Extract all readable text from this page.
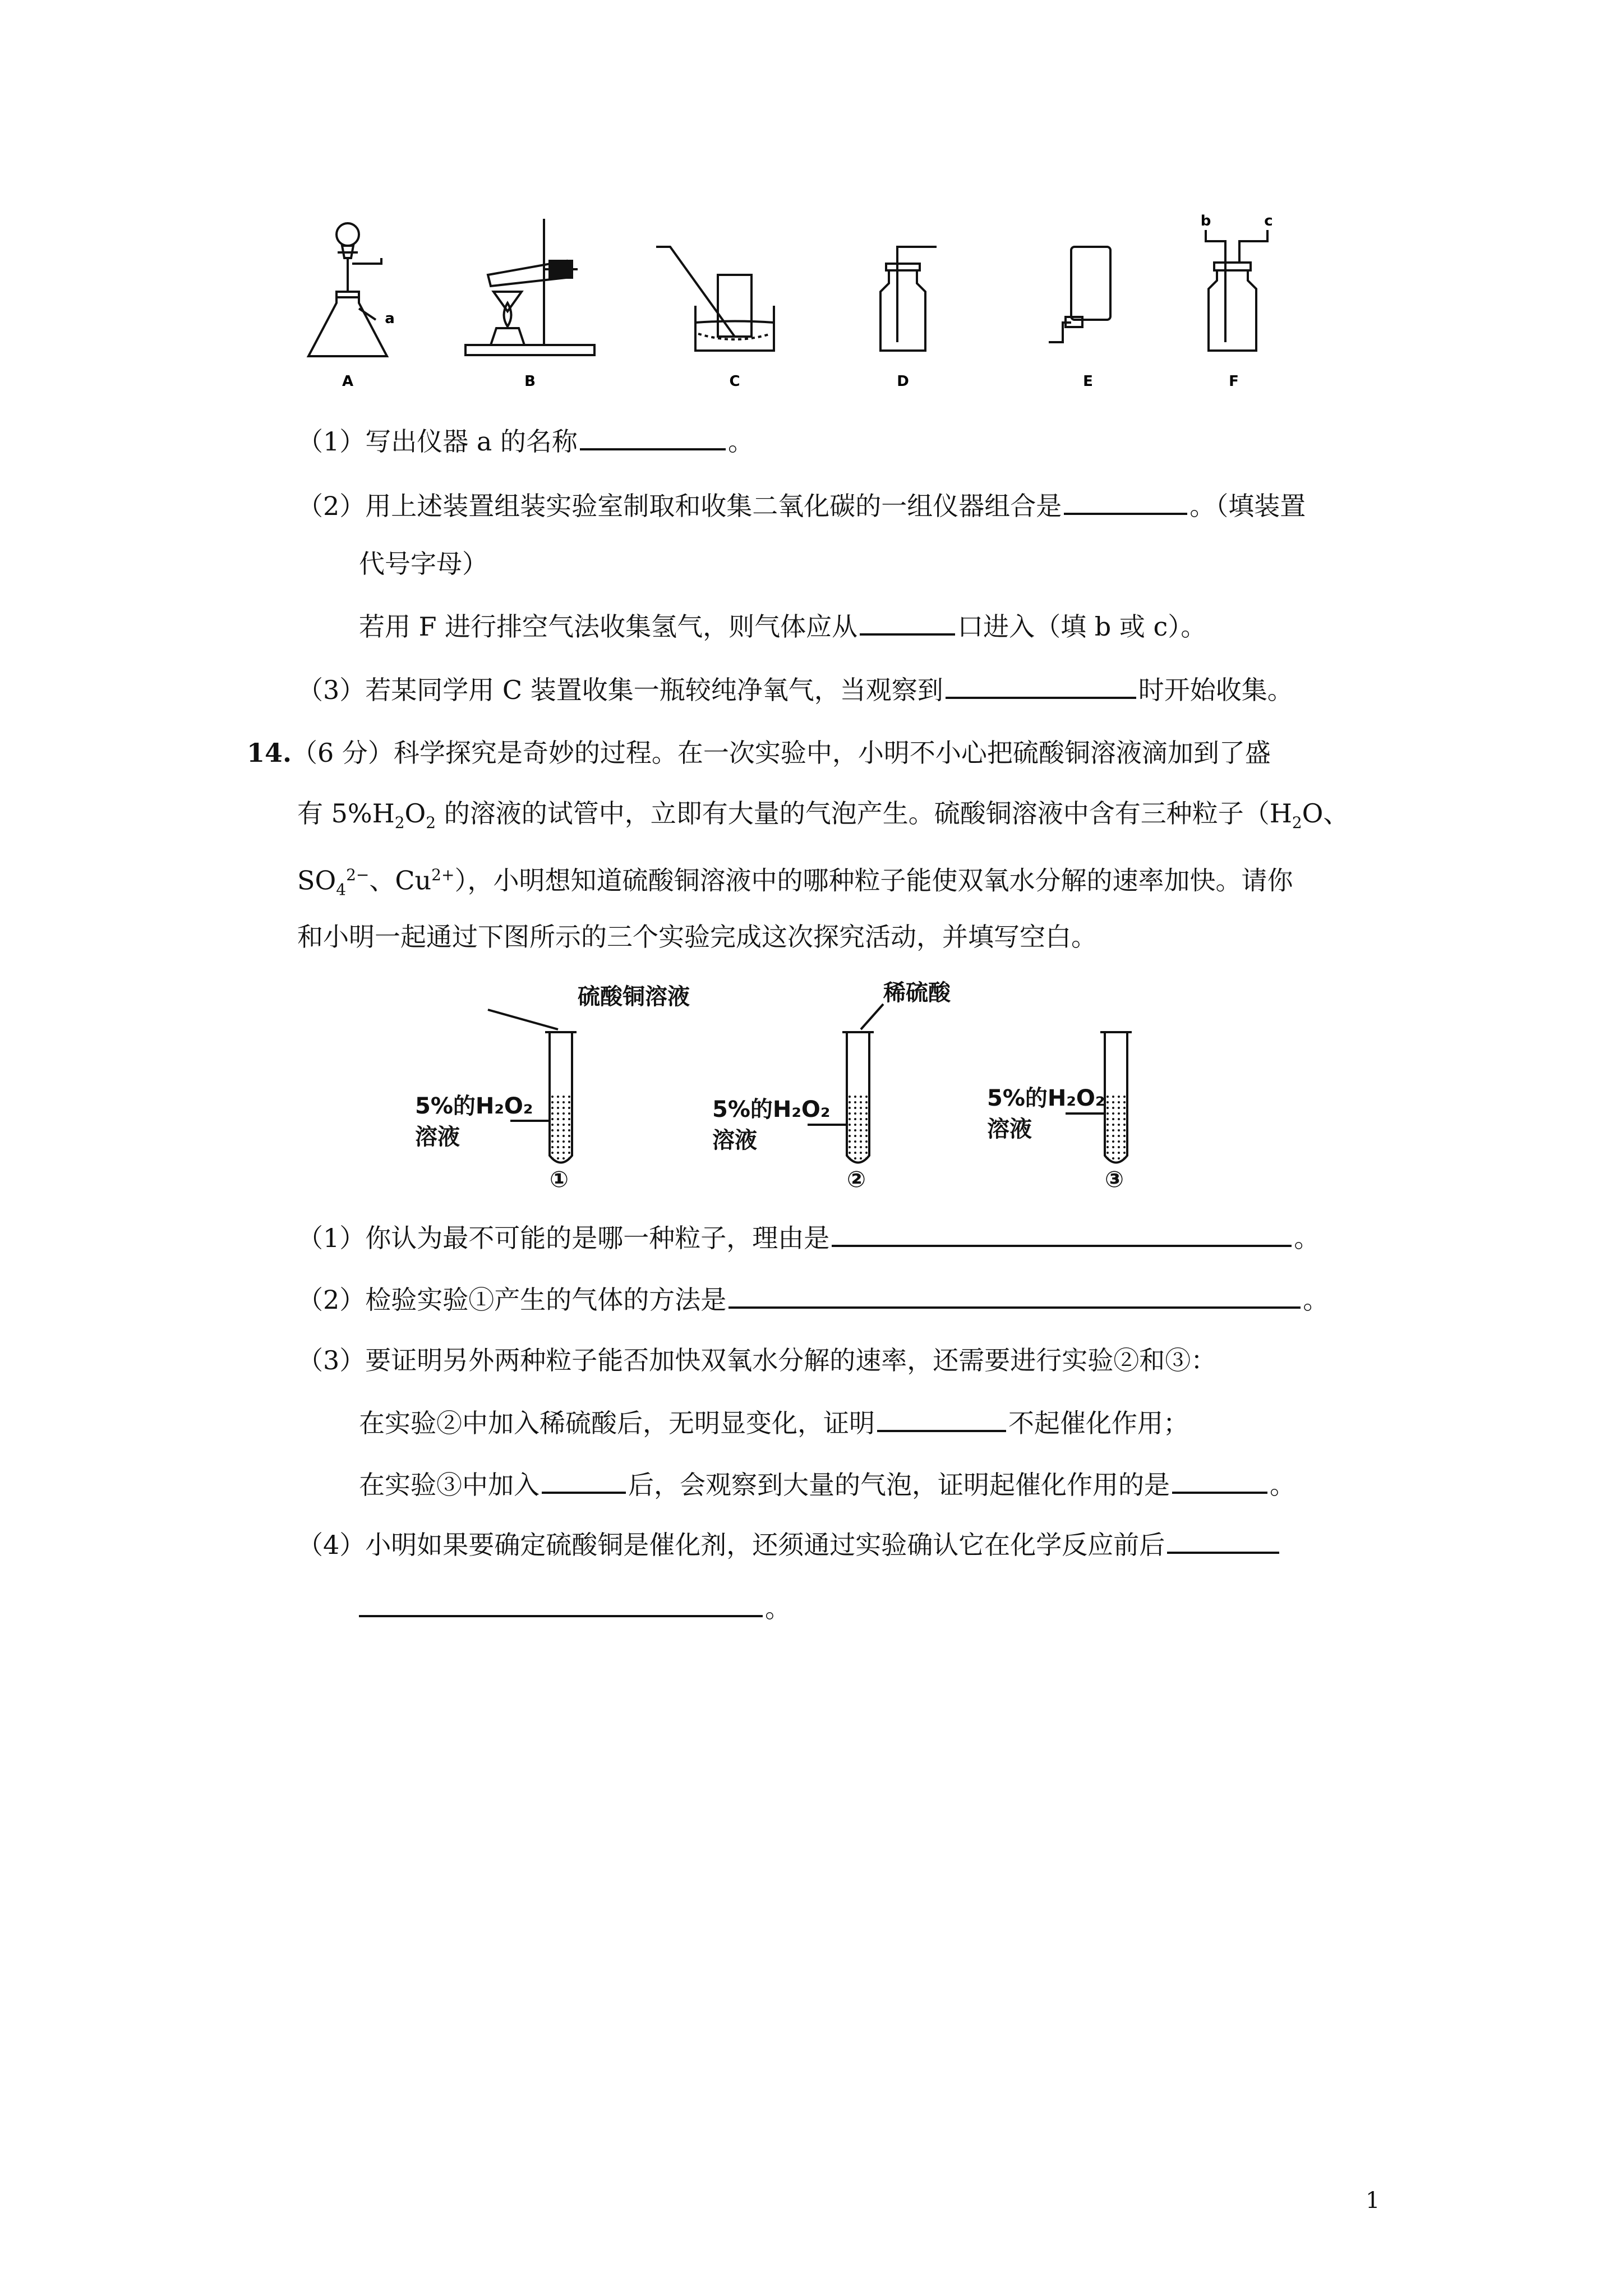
A	B	C	D	E	F
a
b	c
（1）写出仪器 a 的名称	。
（2）用上述装置组装实验室制取和收集二氧化碳的一组仪器组合是	。（填装置
代号字母）
若用 F 进行排空气法收集氢气，则气体应从	口进入（填 b 或 c）。
（3）若某同学用 C 装置收集一瓶较纯净氧气，当观察到	时开始收集。
14.（6 分）科学探究是奇妙的过程。在一次实验中，小明不小心把硫酸铜溶液滴加到了盛
有 $5\%H_2O_2$ 的溶液的试管中，立即有大量的气泡产生。硫酸铜溶液中含有三种粒子（$H_2O$、
$SO_4^{2-}$、$Cu^{2+}$），小明想知道硫酸铜溶液中的哪种粒子能使双氧水分解的速率加快。请你
和小明一起通过下图所示的三个实验完成这次探究活动，并填写空白。
硫酸铜溶液	稀硫酸
5%的H₂O₂
溶液
5%的H₂O₂
溶液
5%的H₂O₂
溶液
①	②	③
（1）你认为最不可能的是哪一种粒子，理由是	。
（2）检验实验①产生的气体的方法是	。
（3）要证明另外两种粒子能否加快双氧水分解的速率，还需要进行实验②和③：
在实验②中加入稀硫酸后，无明显变化，证明	不起催化作用；
在实验③中加入	后，会观察到大量的气泡，证明起催化作用的是	。
（4）小明如果要确定硫酸铜是催化剂，还须通过实验确认它在化学反应前后
。
1
